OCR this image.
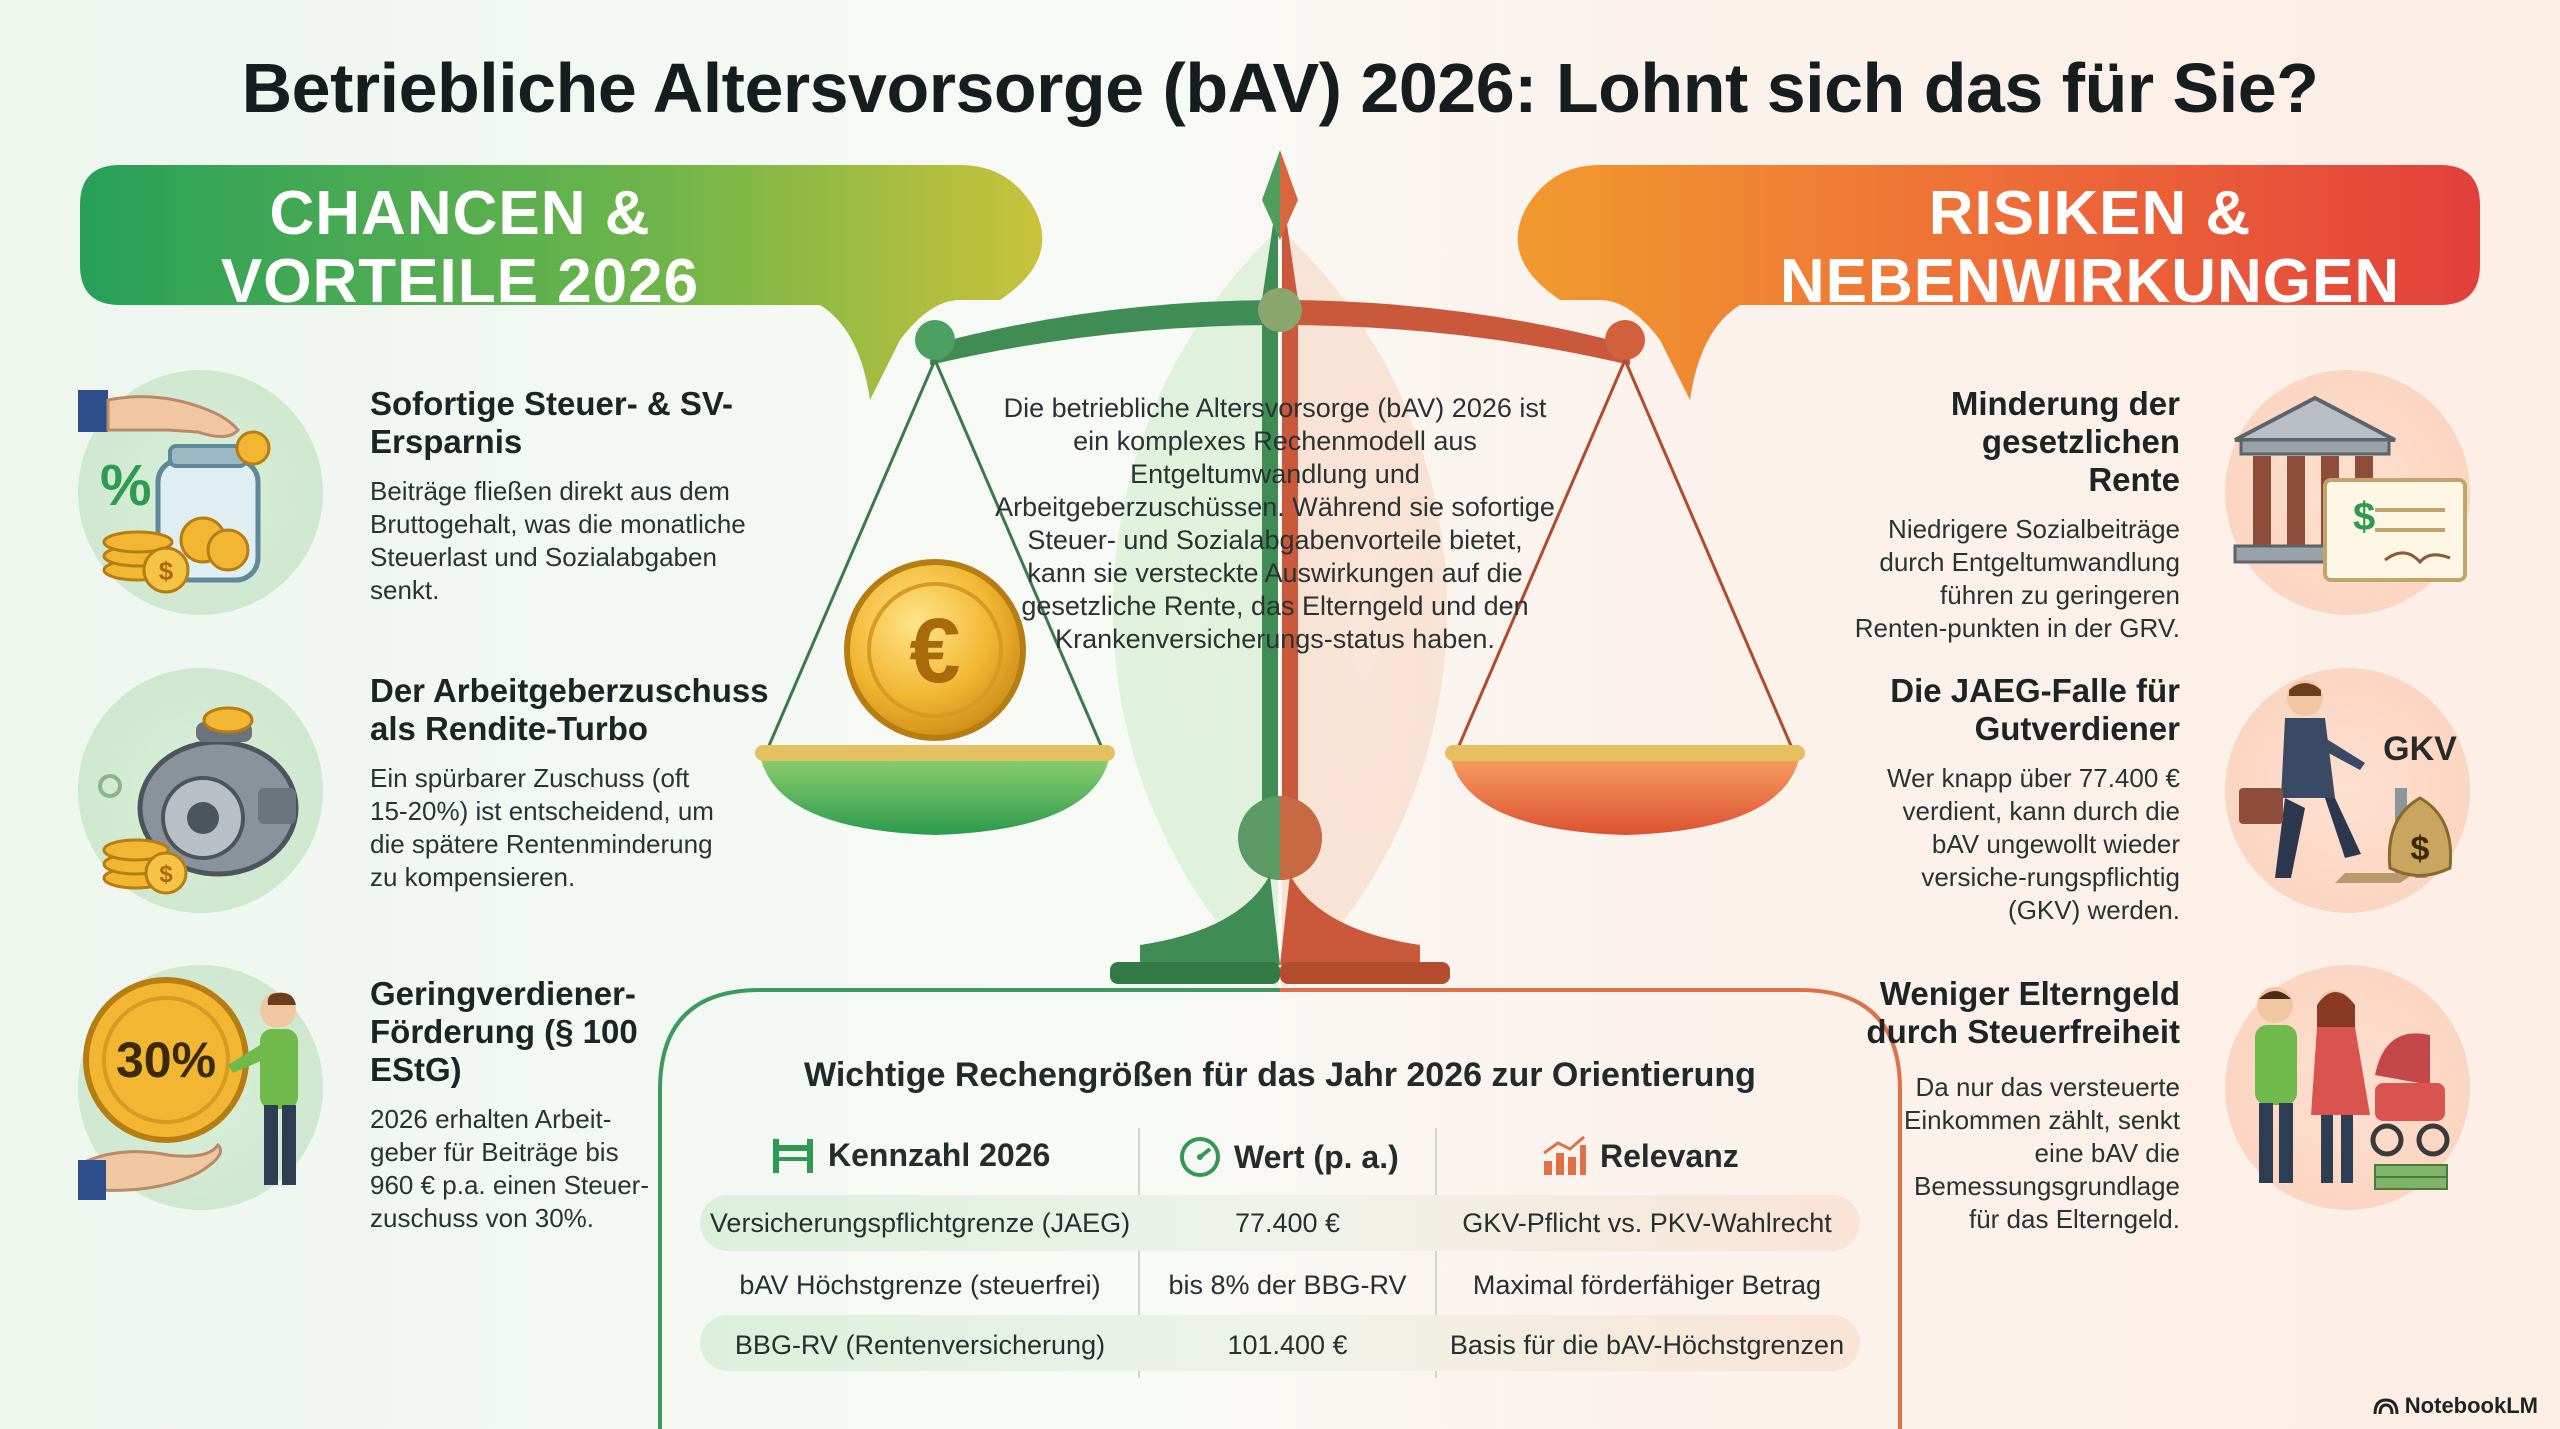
€
Betriebliche Altersvorsorge (bAV) 2026: Lohnt sich das für Sie?
CHANCEN &
VORTEILE 2026
RISIKEN &
NEBENWIRKUNGEN
Die betriebliche Altersvorsorge (bAV) 2026 ist ein komplexes Rechenmodell aus Entgeltumwandlung und Arbeitgeberzuschüssen. Während sie sofortige Steuer- und Sozialabgabenvorteile bietet, kann sie versteckte Auswirkungen auf die gesetzliche Rente, das Elterngeld und den Krankenversicherungs-status haben.
$
%
$
30%
Sofortige Steuer- & SV-Ersparnis
Beiträge fließen direkt aus dem Bruttogehalt, was die monatliche Steuerlast und Sozialabgaben senkt.
Der Arbeitgeberzuschuss als Rendite-Turbo
Ein spürbarer Zuschuss (oft 15-20%) ist entscheidend, um die spätere Rentenminderung zu kompensieren.
Geringverdiener-Förderung (§ 100 EStG)
2026 erhalten Arbeit-geber für Beiträge bis 960 € p.a. einen Steuer-zuschuss von 30%.
$
GKV
$
Minderung der gesetzlichen Rente
Niedrigere Sozialbeiträge durch Entgeltumwandlung führen zu geringeren Renten-punkten in der GRV.
Die JAEG-Falle für Gutverdiener
Wer knapp über 77.400 € verdient, kann durch die bAV ungewollt wieder versiche-rungspflichtig (GKV) werden.
Weniger Elterngeld durch Steuerfreiheit
Da nur das versteuerte Einkommen zählt, senkt eine bAV die Bemessungsgrundlage für das Elterngeld.
Wichtige Rechengrößen für das Jahr 2026 zur Orientierung
Kennzahl 2026	Wert (p. a.)	Relevanz
Versicherungspflichtgrenze (JAEG)	77.400 €	GKV-Pflicht vs. PKV-Wahlrecht
bAV Höchstgrenze (steuerfrei)	bis 8% der BBG-RV	Maximal förderfähiger Betrag
BBG-RV (Rentenversicherung)	101.400 €	Basis für die bAV-Höchstgrenzen
NotebookLM
